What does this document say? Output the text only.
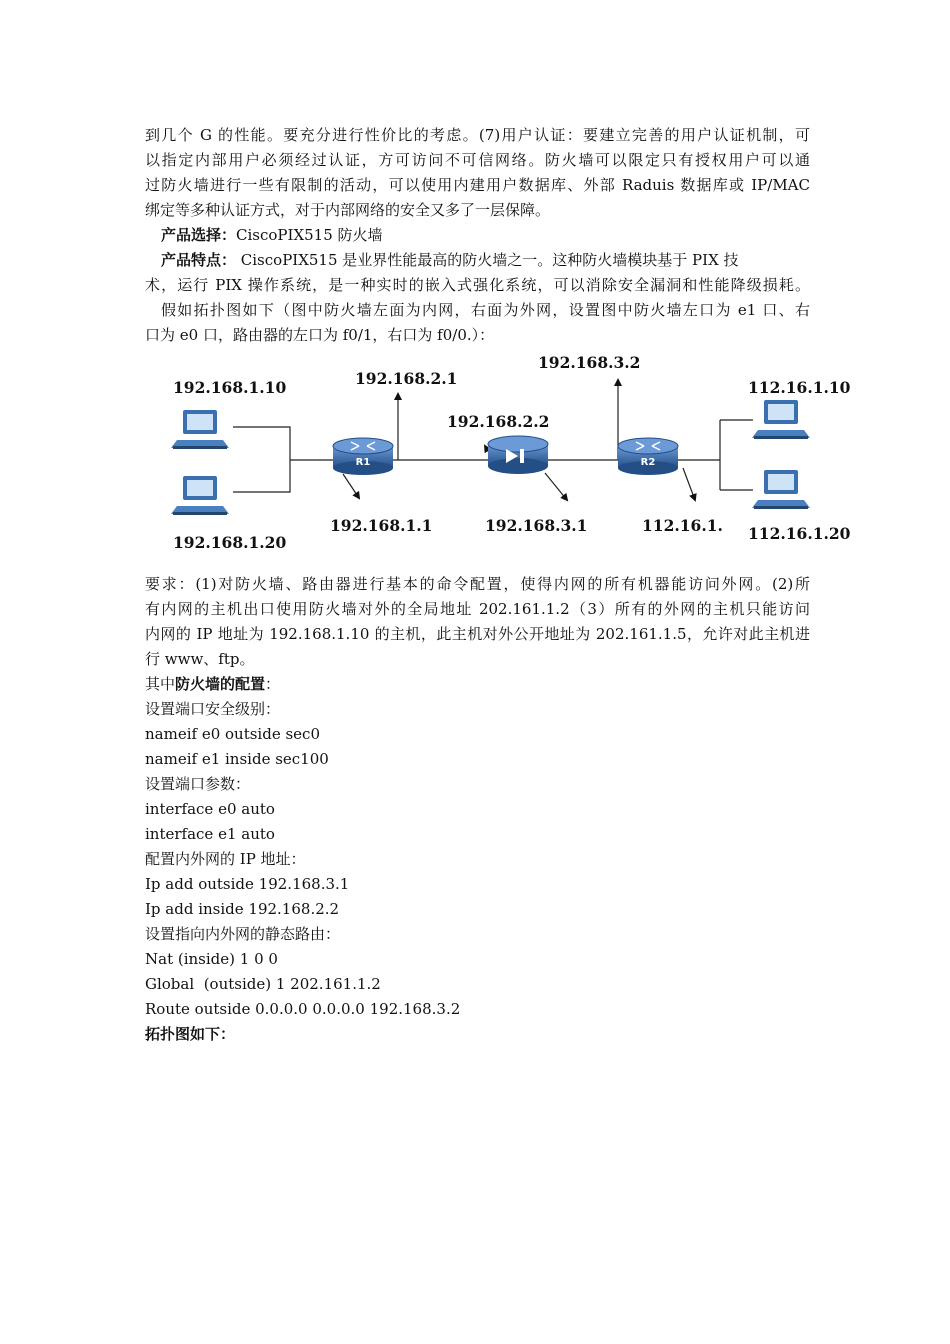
到几个 G 的性能。要充分进行性价比的考虑。(7)用户认证：要建立完善的用户认证机制，可

以指定内部用户必须经过认证，方可访问不可信网络。防火墙可以限定只有授权用户可以通

过防火墙进行一些有限制的活动，可以使用内建用户数据库、外部 Raduis 数据库或 IP/MAC

绑定等多种认证方式，对于内部网络的安全又多了一层保障。

产品选择：CiscoPIX515 防火墙

产品特点： CiscoPIX515 是业界性能最高的防火墙之一。这种防火墙模块基于 PIX 技

术，运行 PIX 操作系统，是一种实时的嵌入式强化系统，可以消除安全漏洞和性能降级损耗。

假如拓扑图如下（图中防火墙左面为内网，右面为外网，设置图中防火墙左口为 e1 口、右

口为 e0 口，路由器的左口为 f0/1，右口为 f0/0.）：

R1	R2
192.168.1.10
192.168.1.20
192.168.2.1
192.168.1.1
192.168.2.2
192.168.3.1
192.168.3.2
112.16.1.
112.16.1.10
112.16.1.20

要求：(1)对防火墙、路由器进行基本的命令配置，使得内网的所有机器能访问外网。(2)所

有内网的主机出口使用防火墙对外的全局地址 202.161.1.2（3）所有的外网的主机只能访问

内网的 IP 地址为 192.168.1.10 的主机，此主机对外公开地址为 202.161.1.5，允许对此主机进

行 www、ftp。

其中防火墙的配置：

设置端口安全级别：

nameif e0 outside sec0

nameif e1 inside sec100

设置端口参数：

interface e0 auto

interface e1 auto

配置内外网的 IP 地址：

Ip add outside 192.168.3.1

Ip add inside 192.168.2.2

设置指向内外网的静态路由：

Nat (inside) 1 0 0

Global  (outside) 1 202.161.1.2

Route outside 0.0.0.0 0.0.0.0 192.168.3.2

拓扑图如下：
